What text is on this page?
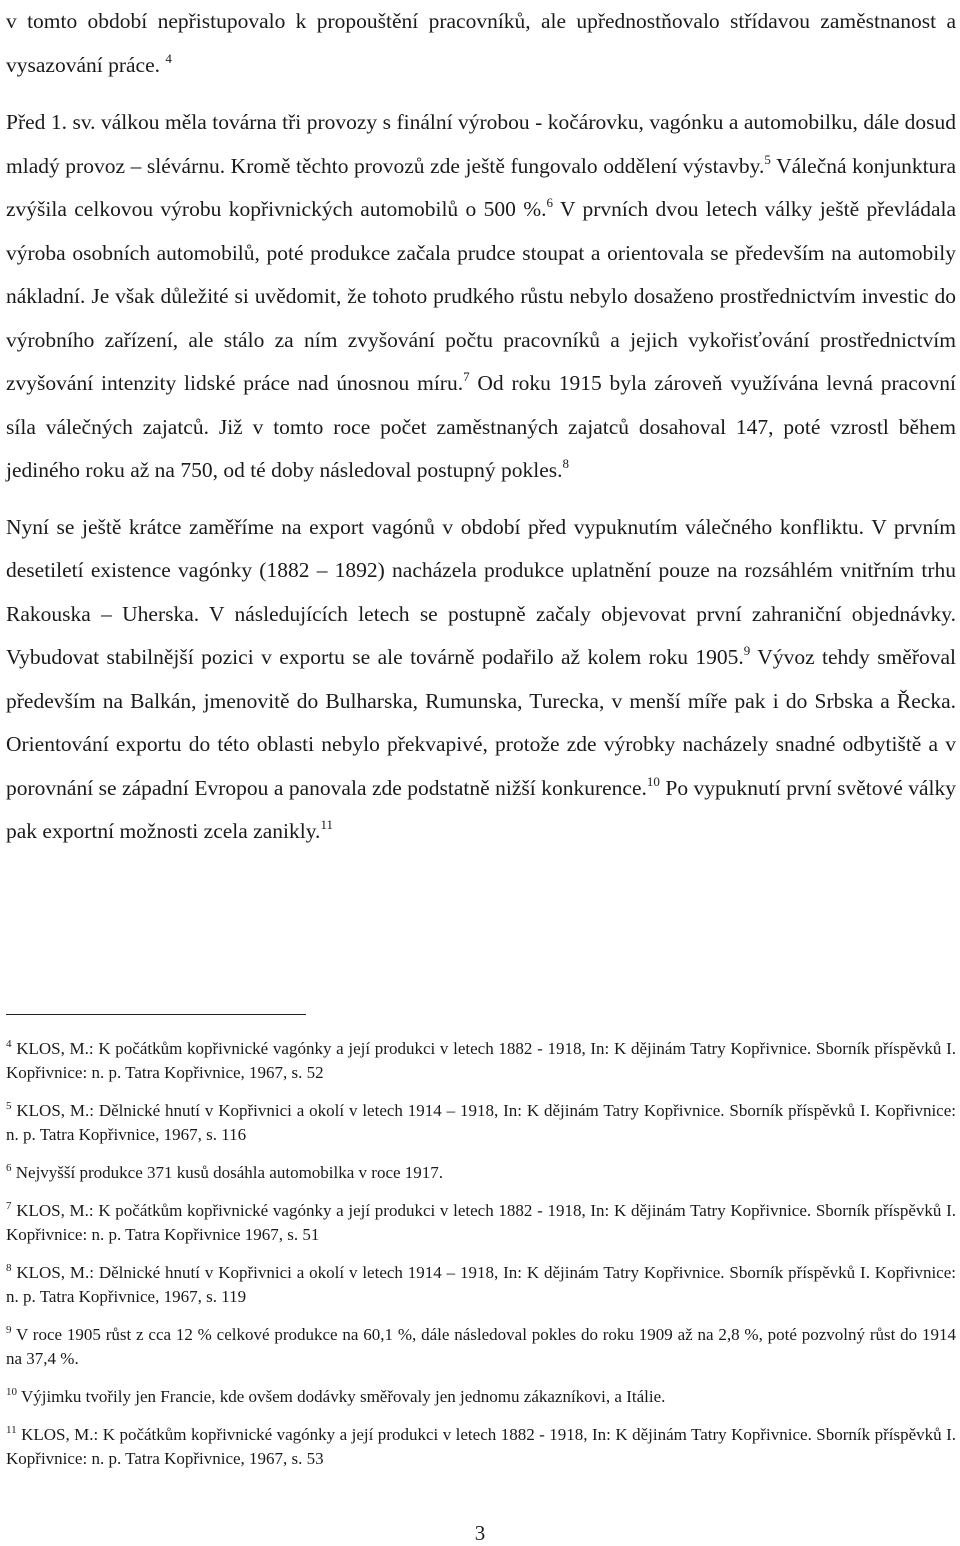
v tomto období nepřistupovalo k propouštění pracovníků, ale upřednostňovalo střídavou zaměstnanost a vysazování práce. $^4$

Před 1. sv. válkou měla továrna tři provozy s finální výrobou - kočárovku, vagónku a automobilku, dále dosud mladý provoz – slévárnu. Kromě těchto provozů zde ještě fungovalo oddělení výstavby.$^5$ Válečná konjunktura zvýšila celkovou výrobu kopřivnických automobilů o 500 %.$^6$ V prvních dvou letech války ještě převládala výroba osobních automobilů, poté produkce začala prudce stoupat a orientovala se především na automobily nákladní. Je však důležité si uvědomit, že tohoto prudkého růstu nebylo dosaženo prostřednictvím investic do výrobního zařízení, ale stálo za ním zvyšování počtu pracovníků a jejich vykořisťování prostřednictvím zvyšování intenzity lidské práce nad únosnou míru.$^7$ Od roku 1915 byla zároveň využívána levná pracovní síla válečných zajatců. Již v tomto roce počet zaměstnaných zajatců dosahoval 147, poté vzrostl během jediného roku až na 750, od té doby následoval postupný pokles.$^8$

Nyní se ještě krátce zaměříme na export vagónů v období před vypuknutím válečného konfliktu. V prvním desetiletí existence vagónky (1882 – 1892) nacházela produkce uplatnění pouze na rozsáhlém vnitřním trhu Rakouska – Uherska. V následujících letech se postupně začaly objevovat první zahraniční objednávky. Vybudovat stabilnější pozici v exportu se ale továrně podařilo až kolem roku 1905.$^9$ Vývoz tehdy směřoval především na Balkán, jmenovitě do Bulharska, Rumunska, Turecka, v menší míře pak i do Srbska a Řecka. Orientování exportu do této oblasti nebylo překvapivé, protože zde výrobky nacházely snadné odbytiště a v porovnání se západní Evropou a panovala zde podstatně nižší konkurence.$^{10}$ Po vypuknutí první světové války pak exportní možnosti zcela zanikly.$^{11}$

$^4$ KLOS, M.: K počátkům kopřivnické vagónky a její produkci v letech 1882 - 1918, In: K dějinám Tatry Kopřivnice. Sborník příspěvků I. Kopřivnice: n. p. Tatra Kopřivnice, 1967, s. 52

$^5$ KLOS, M.: Dělnické hnutí v Kopřivnici a okolí v letech 1914 – 1918, In: K dějinám Tatry Kopřivnice. Sborník příspěvků I. Kopřivnice: n. p. Tatra Kopřivnice, 1967, s. 116

$^6$ Nejvyšší produkce 371 kusů dosáhla automobilka v roce 1917.

$^7$ KLOS, M.: K počátkům kopřivnické vagónky a její produkci v letech 1882 - 1918, In: K dějinám Tatry Kopřivnice. Sborník příspěvků I. Kopřivnice: n. p. Tatra Kopřivnice 1967, s. 51

$^8$ KLOS, M.: Dělnické hnutí v Kopřivnici a okolí v letech 1914 – 1918, In: K dějinám Tatry Kopřivnice. Sborník příspěvků I. Kopřivnice: n. p. Tatra Kopřivnice, 1967, s. 119

$^9$ V roce 1905 růst z cca 12 % celkové produkce na 60,1 %, dále následoval pokles do roku 1909 až na 2,8 %, poté pozvolný růst do 1914 na 37,4 %.

$^{10}$ Výjimku tvořily jen Francie, kde ovšem dodávky směřovaly jen jednomu zákazníkovi, a Itálie.

$^{11}$ KLOS, M.: K počátkům kopřivnické vagónky a její produkci v letech 1882 - 1918, In: K dějinám Tatry Kopřivnice. Sborník příspěvků I. Kopřivnice: n. p. Tatra Kopřivnice, 1967, s. 53

3
